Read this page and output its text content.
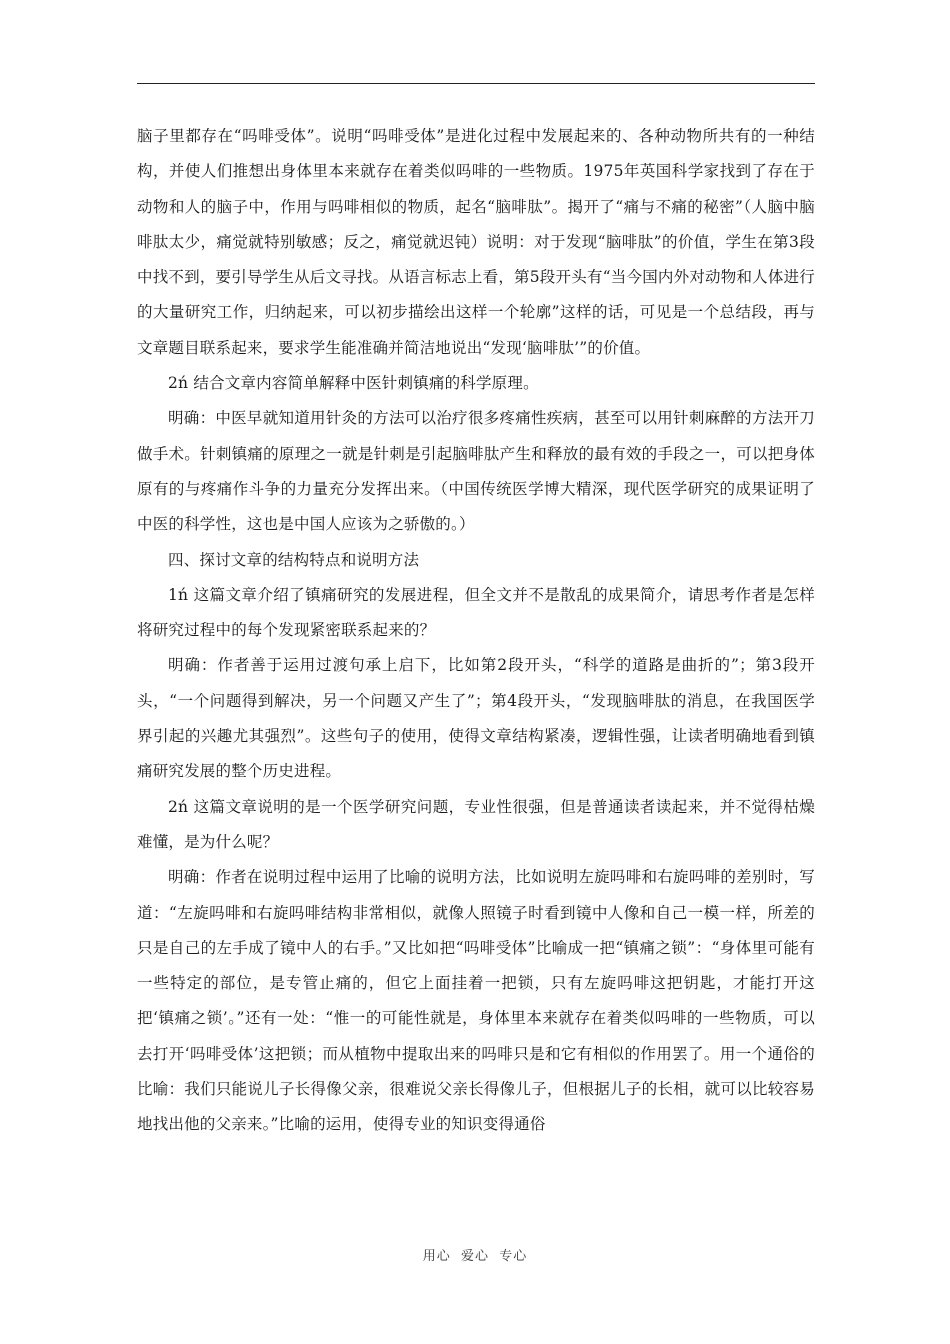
脑子里都存在“吗啡受体”。说明“吗啡受体”是进化过程中发展起来的、各种动物所共有的一种结构，并使人们推想出身体里本来就存在着类似吗啡的一些物质。1975年英国科学家找到了存在于动物和人的脑子中，作用与吗啡相似的物质，起名“脑啡肽”。揭开了“痛与不痛的秘密”（人脑中脑啡肽太少，痛觉就特别敏感；反之，痛觉就迟钝）说明：对于发现“脑啡肽”的价值，学生在第3段中找不到，要引导学生从后文寻找。从语言标志上看，第5段开头有“当今国内外对动物和人体进行的大量研究工作，归纳起来，可以初步描绘出这样一个轮廓”这样的话，可见是一个总结段，再与文章题目联系起来，要求学生能准确并简洁地说出“发现‘脑啡肽’”的价值。

2ń 结合文章内容简单解释中医针刺镇痛的科学原理。

明确：中医早就知道用针灸的方法可以治疗很多疼痛性疾病，甚至可以用针刺麻醉的方法开刀做手术。针刺镇痛的原理之一就是针刺是引起脑啡肽产生和释放的最有效的手段之一，可以把身体原有的与疼痛作斗争的力量充分发挥出来。（中国传统医学博大精深，现代医学研究的成果证明了中医的科学性，这也是中国人应该为之骄傲的。）

四、探讨文章的结构特点和说明方法

1ń 这篇文章介绍了镇痛研究的发展进程，但全文并不是散乱的成果简介，请思考作者是怎样将研究过程中的每个发现紧密联系起来的？

明确：作者善于运用过渡句承上启下，比如第2段开头，“科学的道路是曲折的”；第3段开头，“一个问题得到解决，另一个问题又产生了”；第4段开头，“发现脑啡肽的消息，在我国医学界引起的兴趣尤其强烈”。这些句子的使用，使得文章结构紧凑，逻辑性强，让读者明确地看到镇痛研究发展的整个历史进程。

2ń 这篇文章说明的是一个医学研究问题，专业性很强，但是普通读者读起来，并不觉得枯燥难懂，是为什么呢？

明确：作者在说明过程中运用了比喻的说明方法，比如说明左旋吗啡和右旋吗啡的差别时，写道：“左旋吗啡和右旋吗啡结构非常相似，就像人照镜子时看到镜中人像和自己一模一样，所差的只是自己的左手成了镜中人的右手。”又比如把“吗啡受体”比喻成一把“镇痛之锁”：“身体里可能有一些特定的部位，是专管止痛的，但它上面挂着一把锁，只有左旋吗啡这把钥匙，才能打开这把‘镇痛之锁’。”还有一处：“惟一的可能性就是，身体里本来就存在着类似吗啡的一些物质，可以去打开‘吗啡受体’这把锁；而从植物中提取出来的吗啡只是和它有相似的作用罢了。用一个通俗的比喻：我们只能说儿子长得像父亲，很难说父亲长得像儿子，但根据儿子的长相，就可以比较容易地找出他的父亲来。”比喻的运用，使得专业的知识变得通俗

用心  爱心  专心
